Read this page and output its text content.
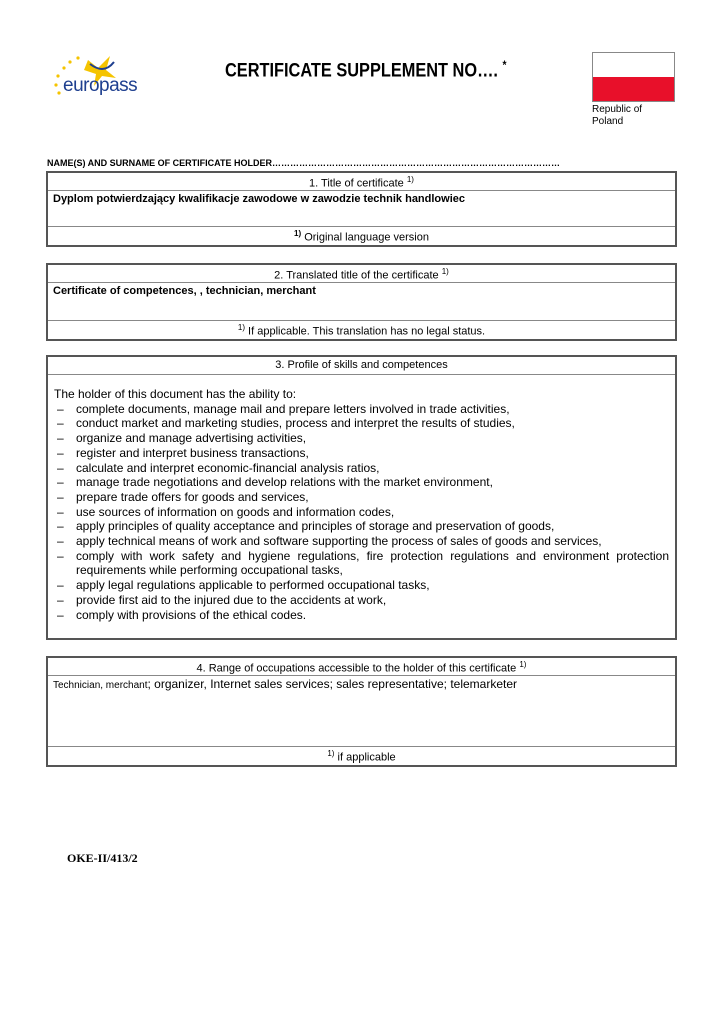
europass
CERTIFICATE SUPPLEMENT NO…. *
Republic of Poland
NAME(S) AND SURNAME OF CERTIFICATE HOLDER……………………………………………………………………………………
1. Title of certificate $^{1)}$
Dyplom potwierdzający kwalifikacje zawodowe w zawodzie technik handlowiec
$^{1)}$ Original language version
2. Translated title of the certificate $^{1)}$
Certificate of competences, , technician, merchant
$^{1)}$ If applicable. This translation has no legal status.
3. Profile of skills and competences
The holder of this document has the ability to:
– complete documents, manage mail and prepare letters involved in trade activities,
– conduct market and marketing studies, process and interpret the results of studies,
– organize and manage advertising activities,
– register and interpret business transactions,
– calculate and interpret economic-financial analysis ratios,
– manage trade negotiations and develop relations with the market environment,
– prepare trade offers for goods and services,
– use sources of information on goods and information codes,
– apply principles of quality acceptance and principles of storage and preservation of goods,
– apply technical means of work and software supporting the process of sales of goods and services,
– comply with work safety and hygiene regulations, fire protection regulations and environment protection requirements while performing occupational tasks,
– apply legal regulations applicable to performed occupational tasks,
– provide first aid to the injured due to the accidents at work,
– comply with provisions of the ethical codes.
4. Range of occupations accessible to the holder of this certificate $^{1)}$
Technician, merchant; organizer, Internet sales services; sales representative; telemarketer
$^{1)}$ if applicable
OKE-II/413/2
